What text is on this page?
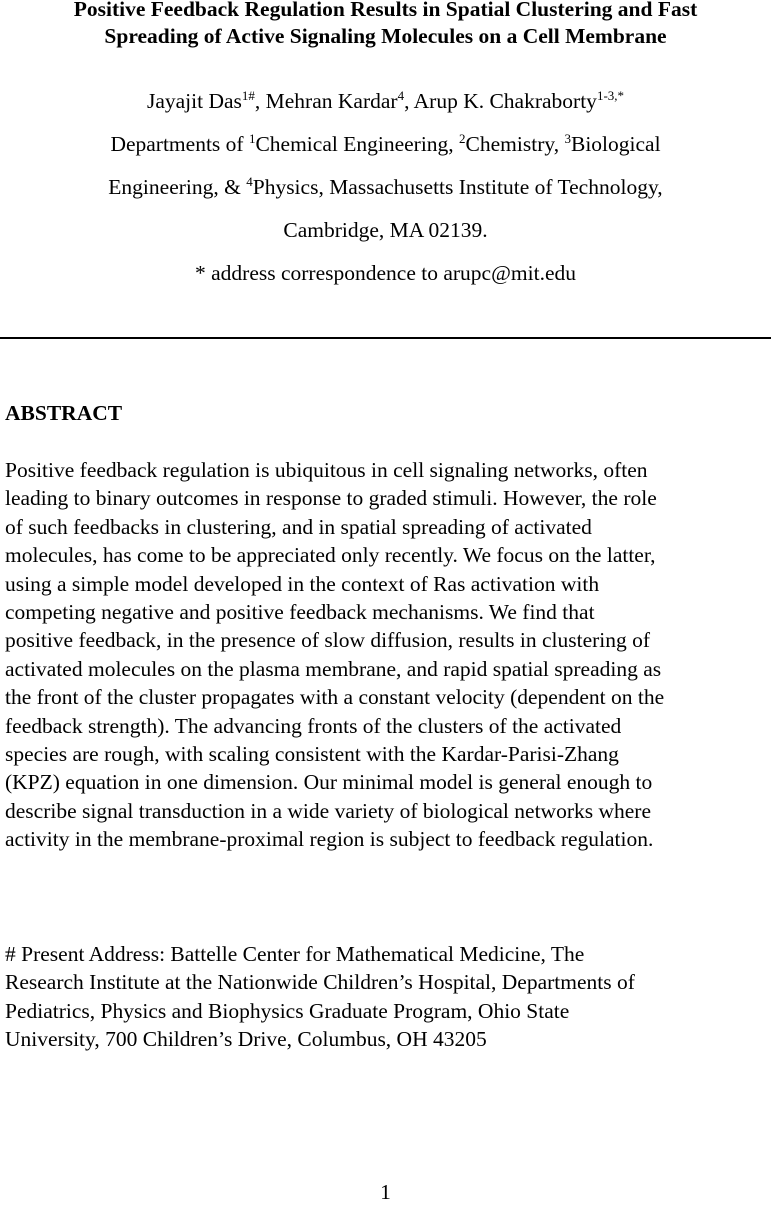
Positive Feedback Regulation Results in Spatial Clustering and Fast
Spreading of Active Signaling Molecules on a Cell Membrane
Jayajit Das$^{1\#}$, Mehran Kardar$^4$, Arup K. Chakraborty$^{1-3,*}$
Departments of $^1$Chemical Engineering, $^2$Chemistry, $^3$Biological
Engineering, & $^4$Physics, Massachusetts Institute of Technology,
Cambridge, MA 02139.
* address correspondence to arupc@mit.edu
ABSTRACT
Positive feedback regulation is ubiquitous in cell signaling networks, often
leading to binary outcomes in response to graded stimuli. However, the role
of such feedbacks in clustering, and in spatial spreading of activated
molecules, has come to be appreciated only recently. We focus on the latter,
using a simple model developed in the context of Ras activation with
competing negative and positive feedback mechanisms. We find that
positive feedback, in the presence of slow diffusion, results in clustering of
activated molecules on the plasma membrane, and rapid spatial spreading as
the front of the cluster propagates with a constant velocity (dependent on the
feedback strength). The advancing fronts of the clusters of the activated
species are rough, with scaling consistent with the Kardar-Parisi-Zhang
(KPZ) equation in one dimension. Our minimal model is general enough to
describe signal transduction in a wide variety of biological networks where
activity in the membrane-proximal region is subject to feedback regulation.
# Present Address: Battelle Center for Mathematical Medicine, The
Research Institute at the Nationwide Children’s Hospital, Departments of
Pediatrics, Physics and Biophysics Graduate Program, Ohio State
University, 700 Children’s Drive, Columbus, OH 43205
1
